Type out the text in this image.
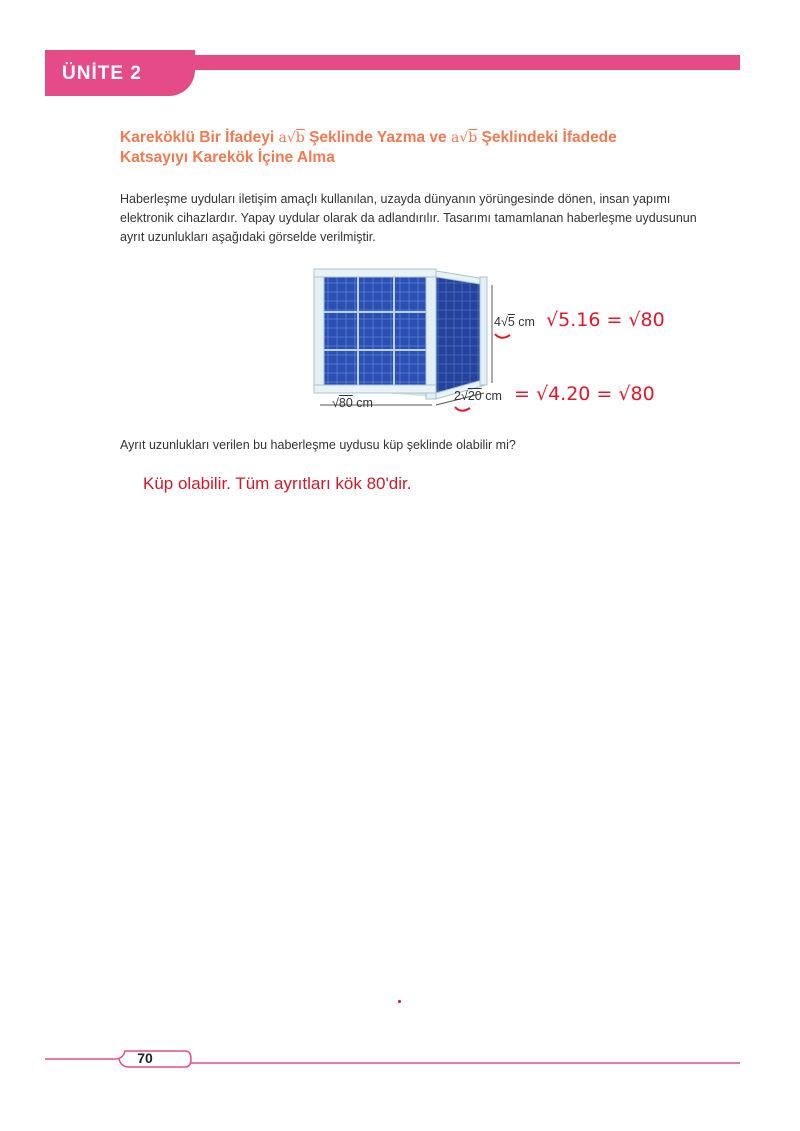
ÜNİTE 2
Kareköklü Bir İfadeyi a√b Şeklinde Yazma ve a√b Şeklindeki İfadede
Katsayıyı Karekök İçine Alma
Haberleşme uyduları iletişim amaçlı kullanılan, uzayda dünyanın yörüngesinde dönen, insan yapımı elektronik cihazlardır. Yapay uydular olarak da adlandırılır. Tasarımı tamamlanan haberleşme uydusunun ayrıt uzunlukları aşağıdaki görselde verilmiştir.
√80 cm
4√5 cm
2√20 cm
√5.16 = √80
= √4.20 = √80
Ayrıt uzunlukları verilen bu haberleşme uydusu küp şeklinde olabilir mi?
Küp olabilir. Tüm ayrıtları kök 80'dir.
70
